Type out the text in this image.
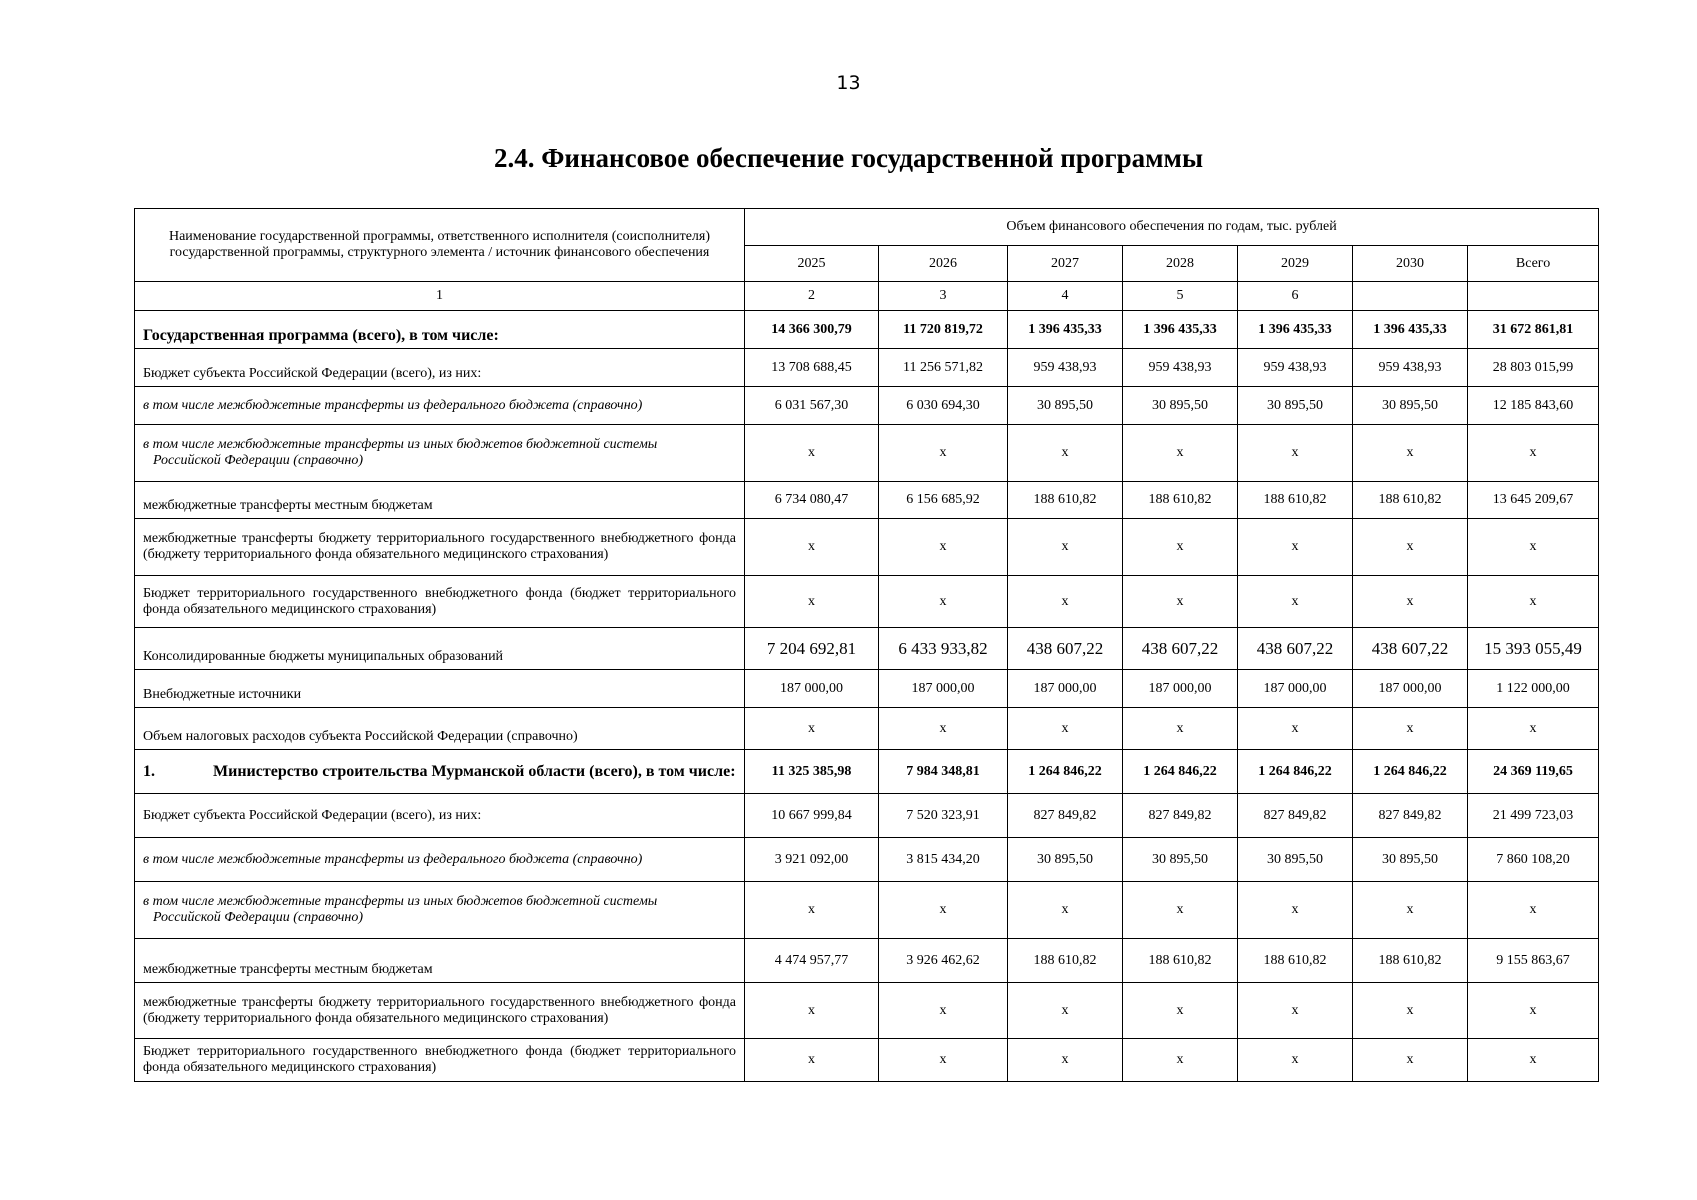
13
2.4. Финансовое обеспечение государственной программы
Наименование государственной программы, ответственного исполнителя (соисполнителя) государственной программы, структурного элемента / источник финансового обеспечения	Объем финансового обеспечения по годам, тыс. рублей						
	2025	2026	2027	2028	2029	2030	Всего
1	2	3	4	5	6		
Государственная программа (всего), в том числе:	14 366 300,79	11 720 819,72	1 396 435,33	1 396 435,33	1 396 435,33	1 396 435,33	31 672 861,81
Бюджет субъекта Российской Федерации (всего), из них:	13 708 688,45	11 256 571,82	959 438,93	959 438,93	959 438,93	959 438,93	28 803 015,99
в том числе межбюджетные трансферты из федерального бюджета (справочно)	6 031 567,30	6 030 694,30	30 895,50	30 895,50	30 895,50	30 895,50	12 185 843,60

в том числе межбюджетные трансферты из иных бюджетов бюджетной системы
Российской Федерации (справочно)	x	x	x	x	x	x	x
межбюджетные трансферты местным бюджетам	6 734 080,47	6 156 685,92	188 610,82	188 610,82	188 610,82	188 610,82	13 645 209,67
межбюджетные трансферты бюджету территориального государственного внебюджетного фонда (бюджету территориального фонда обязательного медицинского страхования)	x	x	x	x	x	x	x
Бюджет территориального государственного внебюджетного фонда (бюджет территориального фонда обязательного медицинского страхования)	x	x	x	x	x	x	x
Консолидированные бюджеты муниципальных образований	7 204 692,81	6 433 933,82	438 607,22	438 607,22	438 607,22	438 607,22	15 393 055,49
Внебюджетные источники	187 000,00	187 000,00	187 000,00	187 000,00	187 000,00	187 000,00	1 122 000,00
Объем налоговых расходов субъекта Российской Федерации (справочно)	x	x	x	x	x	x	x
1. Министерство строительства Мурманской области (всего), в том числе:	11 325 385,98	7 984 348,81	1 264 846,22	1 264 846,22	1 264 846,22	1 264 846,22	24 369 119,65
Бюджет субъекта Российской Федерации (всего), из них:	10 667 999,84	7 520 323,91	827 849,82	827 849,82	827 849,82	827 849,82	21 499 723,03
в том числе межбюджетные трансферты из федерального бюджета (справочно)	3 921 092,00	3 815 434,20	30 895,50	30 895,50	30 895,50	30 895,50	7 860 108,20

в том числе межбюджетные трансферты из иных бюджетов бюджетной системы
Российской Федерации (справочно)	x	x	x	x	x	x	x
межбюджетные трансферты местным бюджетам	4 474 957,77	3 926 462,62	188 610,82	188 610,82	188 610,82	188 610,82	9 155 863,67
межбюджетные трансферты бюджету территориального государственного внебюджетного фонда (бюджету территориального фонда обязательного медицинского страхования)	x	x	x	x	x	x	x
Бюджет территориального государственного внебюджетного фонда (бюджет территориального фонда обязательного медицинского страхования)	x	x	x	x	x	x	x
